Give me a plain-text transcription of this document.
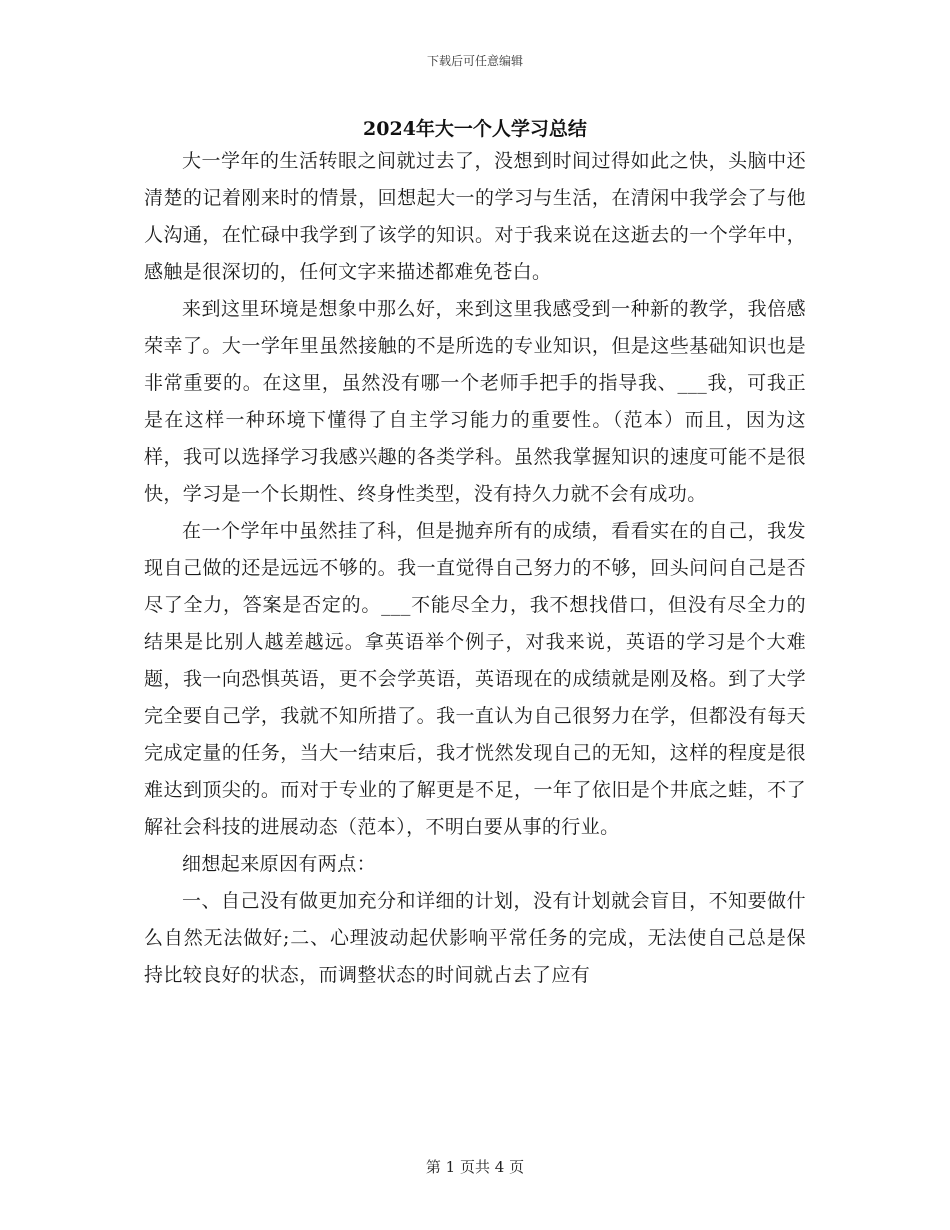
下载后可任意编辑
2024年大一个人学习总结

大一学年的生活转眼之间就过去了，没想到时间过得如此之快，头脑中还清楚的记着刚来时的情景，回想起大一的学习与生活，在清闲中我学会了与他人沟通，在忙碌中我学到了该学的知识。对于我来说在这逝去的一个学年中，感触是很深切的，任何文字来描述都难免苍白。

来到这里环境是想象中那么好，来到这里我感受到一种新的教学，我倍感荣幸了。大一学年里虽然接触的不是所选的专业知识，但是这些基础知识也是非常重要的。在这里，虽然没有哪一个老师手把手的指导我、___我，可我正是在这样一种环境下懂得了自主学习能力的重要性。（范本）而且，因为这样，我可以选择学习我感兴趣的各类学科。虽然我掌握知识的速度可能不是很快，学习是一个长期性、终身性类型，没有持久力就不会有成功。

在一个学年中虽然挂了科，但是抛弃所有的成绩，看看实在的自己，我发现自己做的还是远远不够的。我一直觉得自己努力的不够，回头问问自己是否尽了全力，答案是否定的。___不能尽全力，我不想找借口，但没有尽全力的结果是比别人越差越远。拿英语举个例子，对我来说，英语的学习是个大难题，我一向恐惧英语，更不会学英语，英语现在的成绩就是刚及格。到了大学完全要自己学，我就不知所措了。我一直认为自己很努力在学，但都没有每天完成定量的任务，当大一结束后，我才恍然发现自己的无知，这样的程度是很难达到顶尖的。而对于专业的了解更是不足，一年了依旧是个井底之蛙，不了解社会科技的进展动态（范本），不明白要从事的行业。

细想起来原因有两点：

一、自己没有做更加充分和详细的计划，没有计划就会盲目，不知要做什么自然无法做好;二、心理波动起伏影响平常任务的完成，无法使自己总是保持比较良好的状态，而调整状态的时间就占去了应有

第 1 页共 4 页
